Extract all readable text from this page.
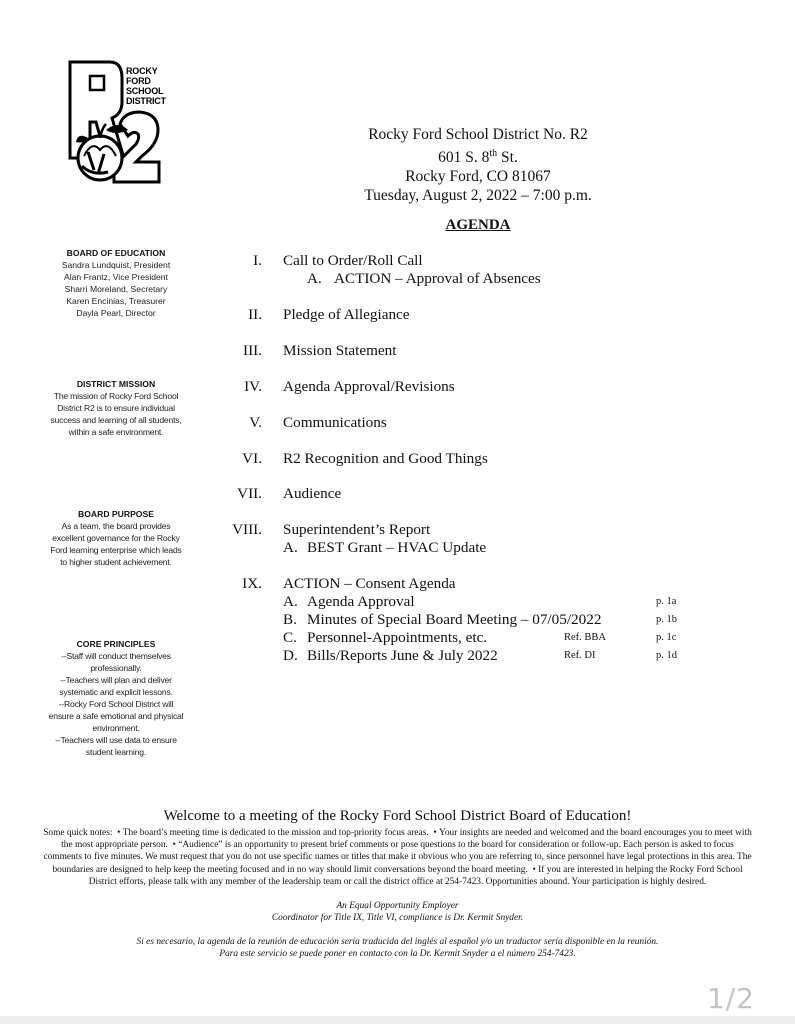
ROCKY
FORD
SCHOOL
DISTRICT
Rocky Ford School District No. R2
601 S. 8th St.
Rocky Ford, CO 81067
Tuesday, August 2, 2022 – 7:00 p.m.
AGENDA
BOARD OF EDUCATION
Sandra Lundquist, President
Alan Frantz, Vice President
Sharri Moreland, Secretary
Karen Encinias, Treasurer
Dayla Pearl, Director
DISTRICT MISSION
The mission of Rocky Ford School District R2 is to ensure individual success and learning of all students, within a safe environment.
BOARD PURPOSE
As a team, the board provides excellent governance for the Rocky Ford learning enterprise which leads to higher student achievement.
CORE PRINCIPLES
--Staff will conduct themselves professionally.
--Teachers will plan and deliver systematic and explicit lessons.
--Rocky Ford School District will ensure a safe emotional and physical environment.
--Teachers will use data to ensure student learning.
I. Call to Order/Roll Call
A. ACTION – Approval of Absences
II. Pledge of Allegiance
III. Mission Statement
IV. Agenda Approval/Revisions
V. Communications
VI. R2 Recognition and Good Things
VII. Audience
VIII. Superintendent’s Report
A. BEST Grant – HVAC Update
IX. ACTION – Consent Agenda
A. Agenda Approval	p. 1a
B. Minutes of Special Board Meeting – 07/05/2022	p. 1b
C. Personnel-Appointments, etc.	Ref. BBA	p. 1c
D. Bills/Reports June & July 2022	Ref. DI	p. 1d
Welcome to a meeting of the Rocky Ford School District Board of Education!
Some quick notes:  • The board’s meeting time is dedicated to the mission and top-priority focus areas.  • Your insights are needed and welcomed and the board encourages you to meet with the most appropriate person.  • “Audience” is an opportunity to present brief comments or pose questions to the board for consideration or follow-up. Each person is asked to focus comments to five minutes. We must request that you do not use specific names or titles that make it obvious who you are referring to, since personnel have legal protections in this area. The boundaries are designed to help keep the meeting focused and in no way should limit conversations beyond the board meeting.  • If you are interested in helping the Rocky Ford School District efforts, please talk with any member of the leadership team or call the district office at 254-7423. Opportunities abound. Your participation is highly desired.
An Equal Opportunity Employer
Coordinator for Title IX, Title VI, compliance is Dr. Kermit Snyder.
Si es necesario, la agenda de la reunión de educación sería traducida del inglés al español y/o un traductor sería disponible en la reunión.
Para este servicio se puede poner en contacto con la Dr. Kermit Snyder a el número 254-7423.
1/2
